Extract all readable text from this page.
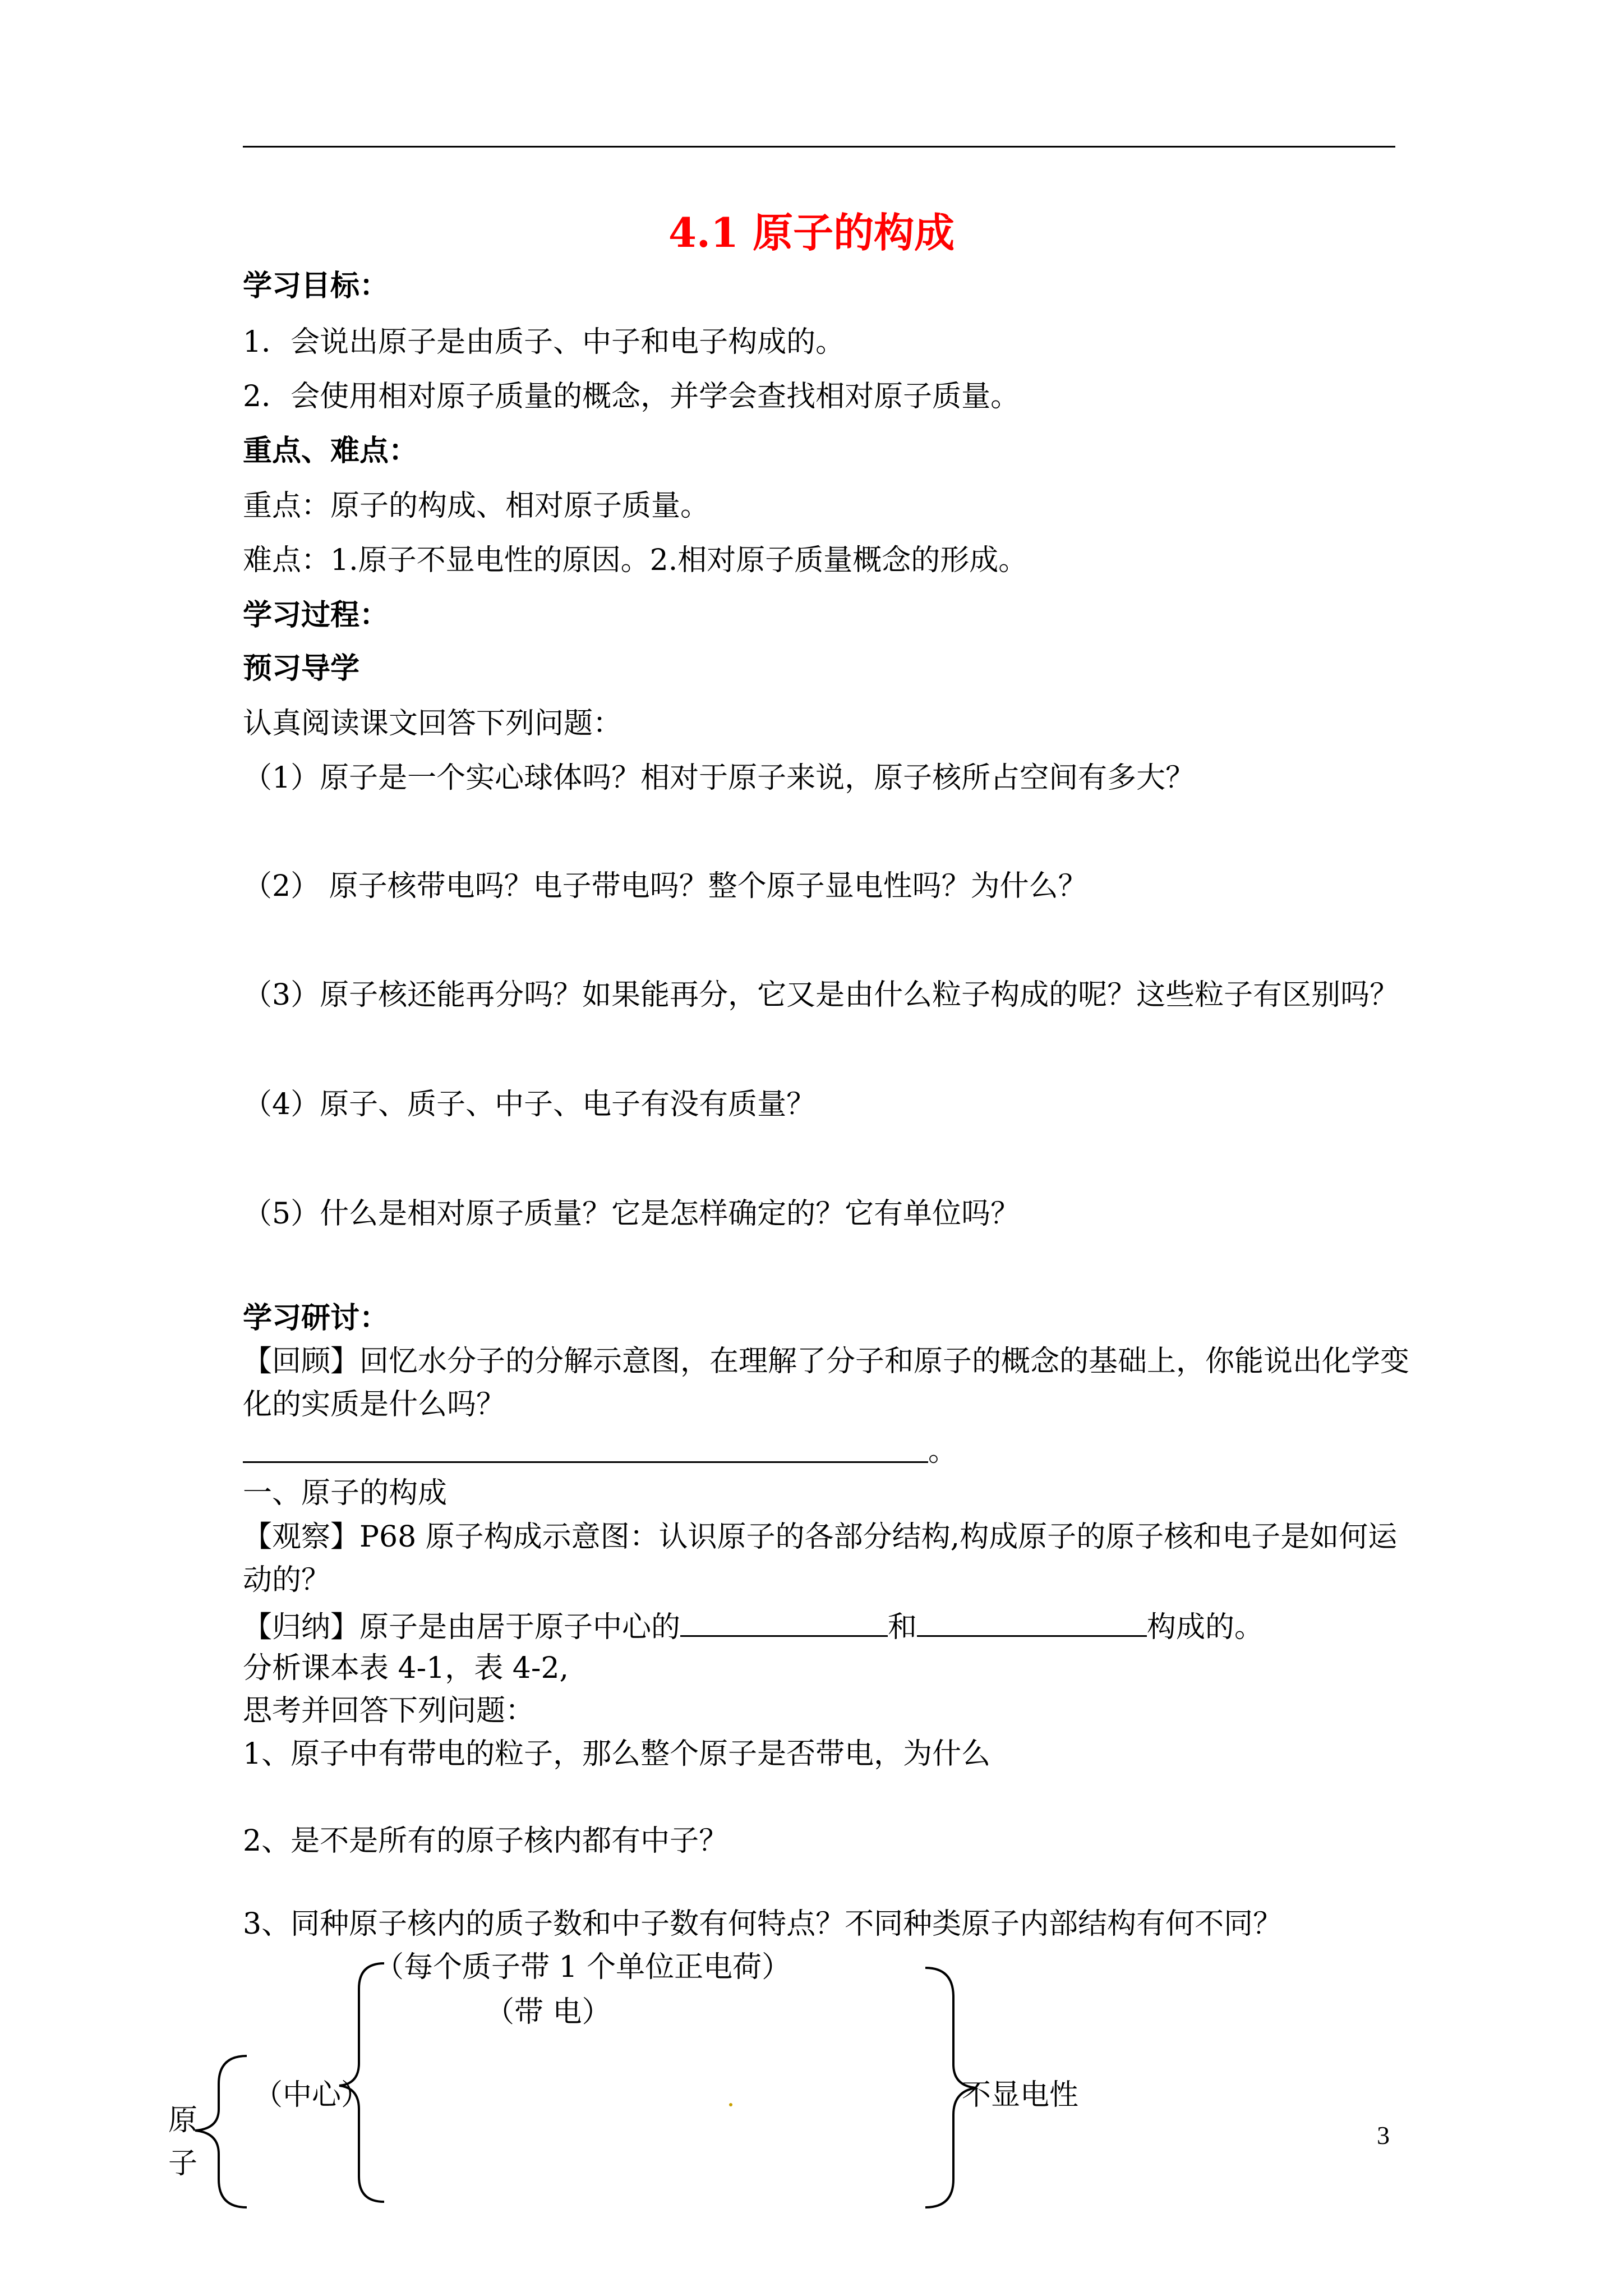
4.1 原子的构成
学习目标：
1．会说出原子是由质子、中子和电子构成的。
2．会使用相对原子质量的概念，并学会查找相对原子质量。
重点、难点：
重点：原子的构成、相对原子质量。
难点：1.原子不显电性的原因。2.相对原子质量概念的形成。
学习过程：
预习导学
认真阅读课文回答下列问题：
（1）原子是一个实心球体吗？相对于原子来说，原子核所占空间有多大？
（2） 原子核带电吗？电子带电吗？整个原子显电性吗？为什么？
（3）原子核还能再分吗？如果能再分，它又是由什么粒子构成的呢？这些粒子有区别吗？
（4）原子、质子、中子、电子有没有质量？
（5）什么是相对原子质量？它是怎样确定的？它有单位吗？
学习研讨：
【回顾】回忆水分子的分解示意图，在理解了分子和原子的概念的基础上，你能说出化学变
化的实质是什么吗？
。
一、原子的构成
【观察】P68 原子构成示意图：认识原子的各部分结构,构成原子的原子核和电子是如何运
动的？
【归纳】原子是由居于原子中心的	和	构成的。
分析课本表 4-1，表 4-2,
思考并回答下列问题：
1、原子中有带电的粒子，那么整个原子是否带电，为什么
2、是不是所有的原子核内都有中子？
3、同种原子核内的质子数和中子数有何特点？不同种类原子内部结构有何不同？
（每个质子带 1 个单位正电荷）
（带 电）
（中心）	不显电性
原
子
3
